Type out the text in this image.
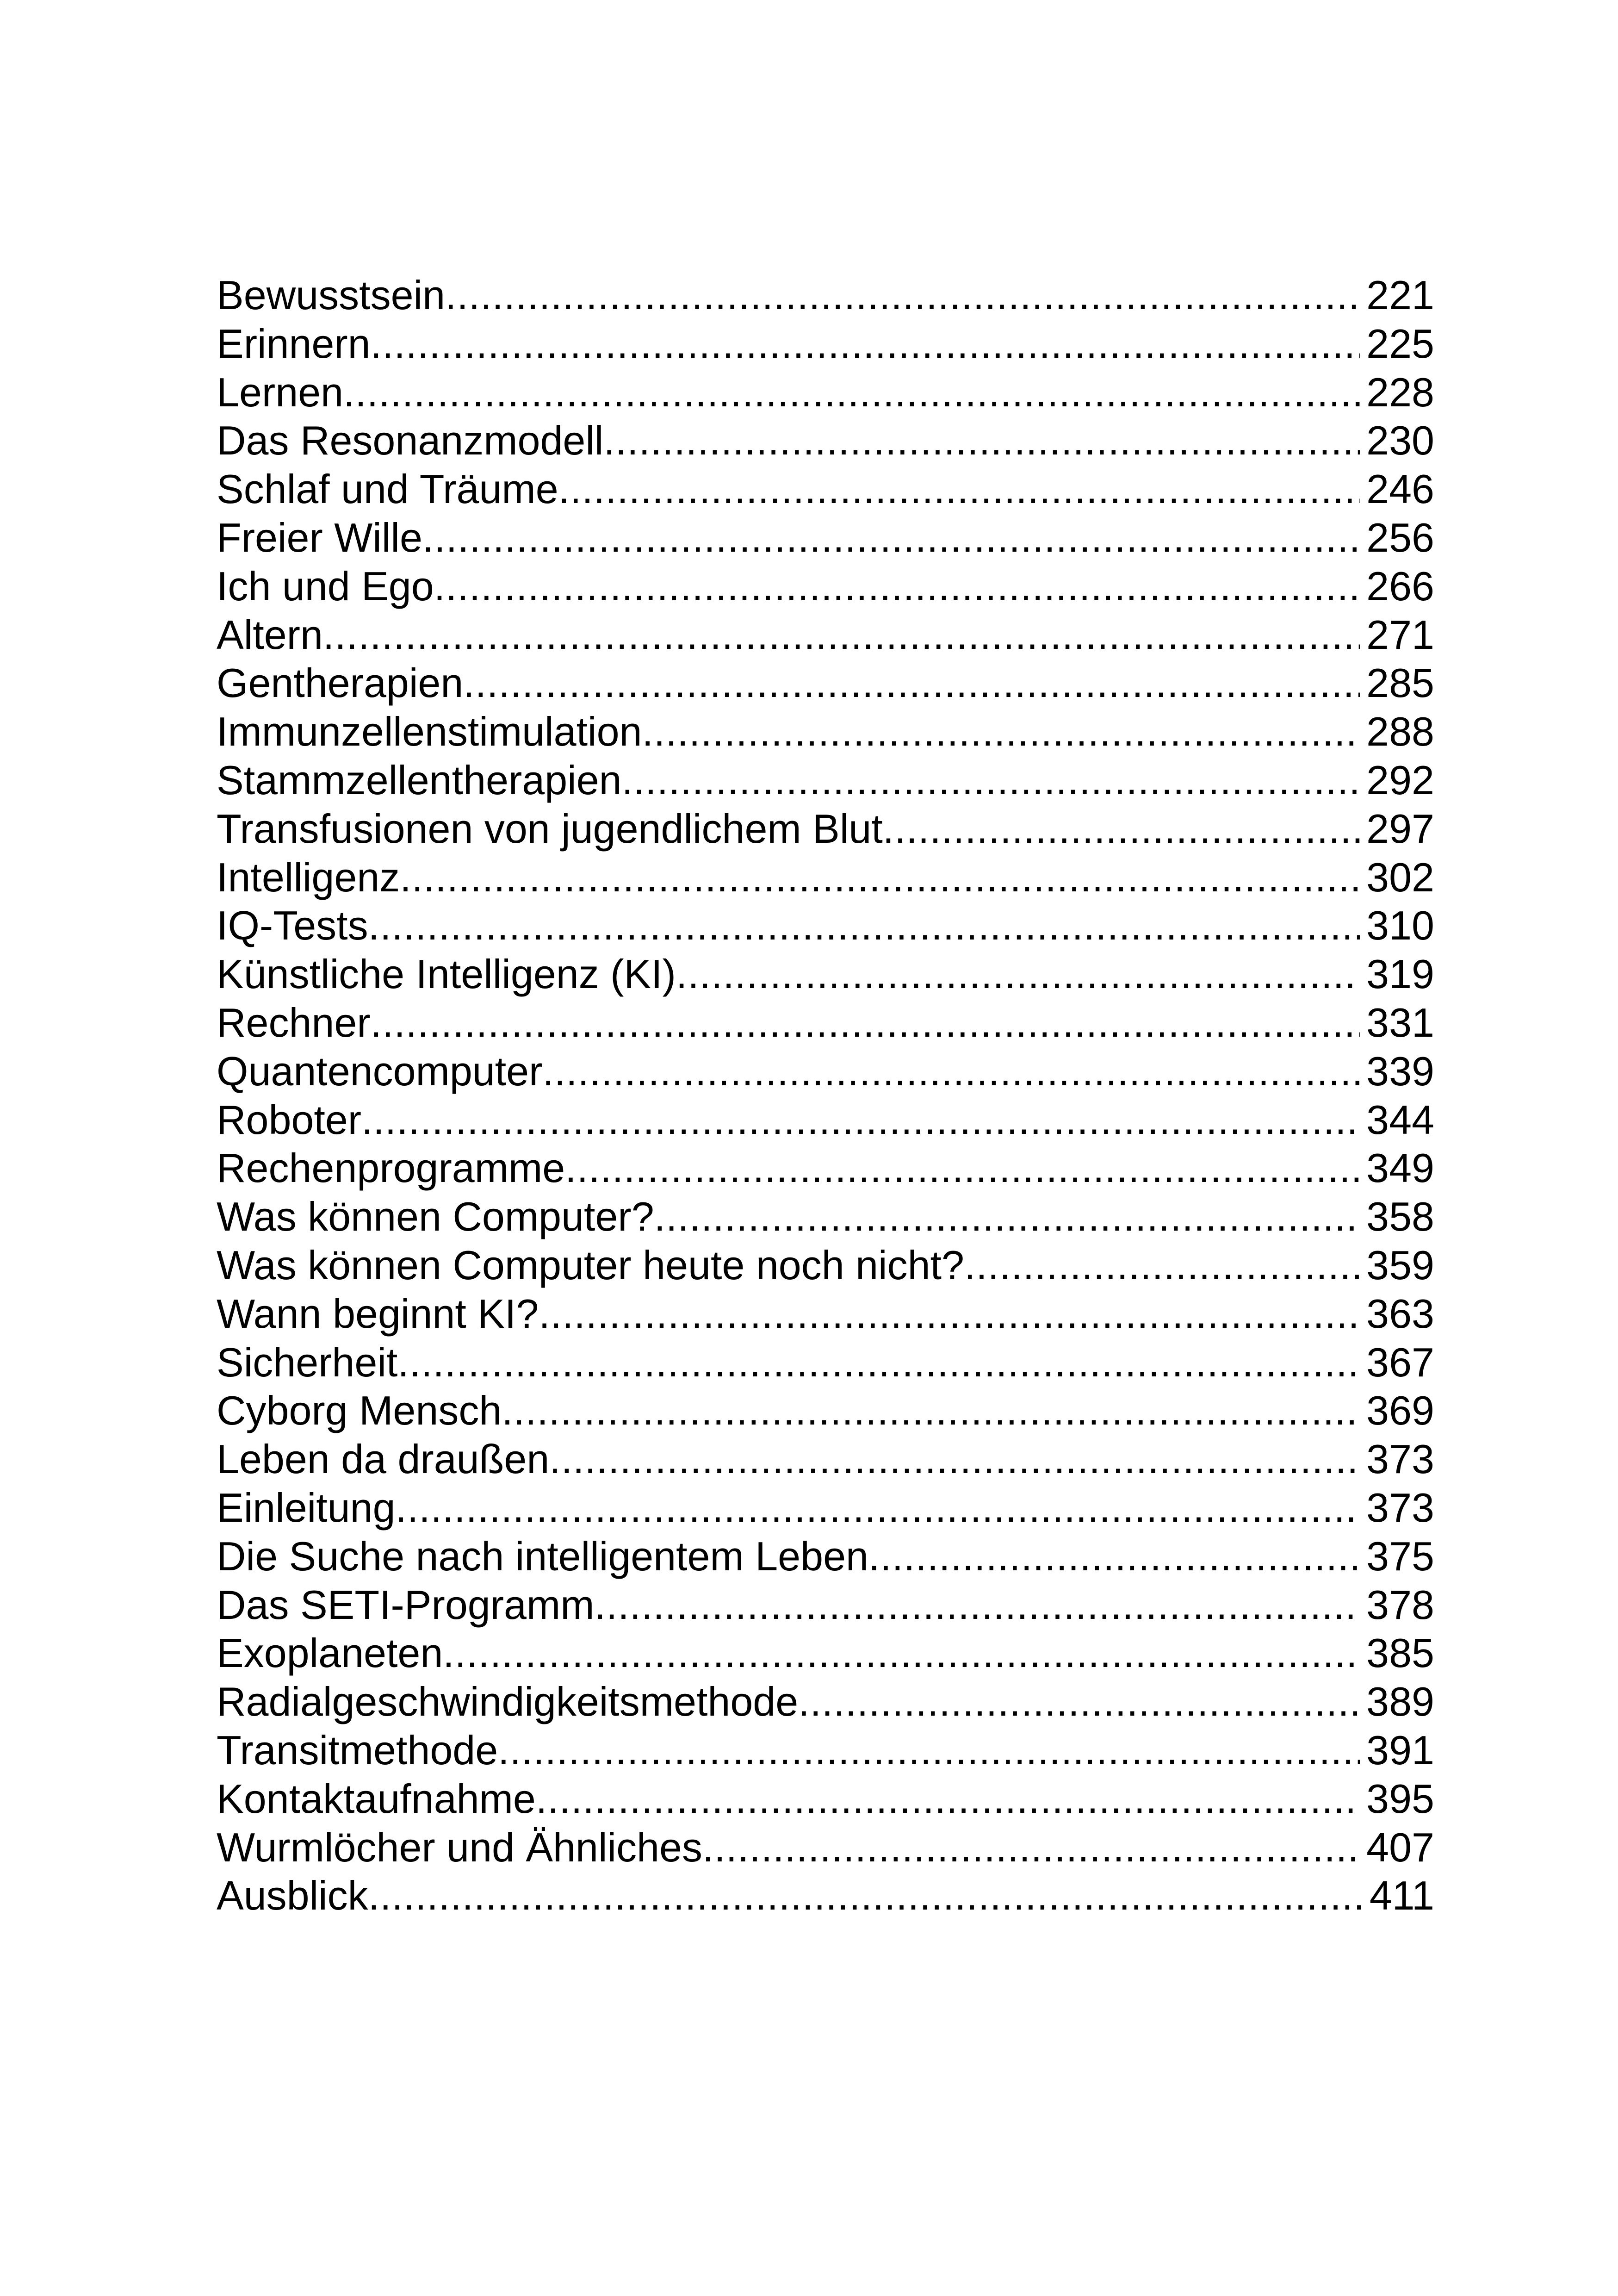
Bewusstsein .....	221
Erinnern .....	225
Lernen .....	228
Das Resonanzmodell .....	230
Schlaf und Träume .....	246
Freier Wille .....	256
Ich und Ego .....	266
Altern .....	271
Gentherapien .....	285
Immunzellenstimulation .....	288
Stammzellentherapien .....	292
Transfusionen von jugendlichem Blut .....	297
Intelligenz .....	302
IQ-Tests .....	310
Künstliche Intelligenz (KI) .....	319
Rechner .....	331
Quantencomputer .....	339
Roboter .....	344
Rechenprogramme .....	349
Was können Computer? .....	358
Was können Computer heute noch nicht? .....	359
Wann beginnt KI? .....	363
Sicherheit .....	367
Cyborg Mensch .....	369
Leben da draußen .....	373
Einleitung .....	373
Die Suche nach intelligentem Leben .....	375
Das SETI-Programm .....	378
Exoplaneten .....	385
Radialgeschwindigkeitsmethode .....	389
Transitmethode .....	391
Kontaktaufnahme .....	395
Wurmlöcher und Ähnliches .....	407
Ausblick .....	411
